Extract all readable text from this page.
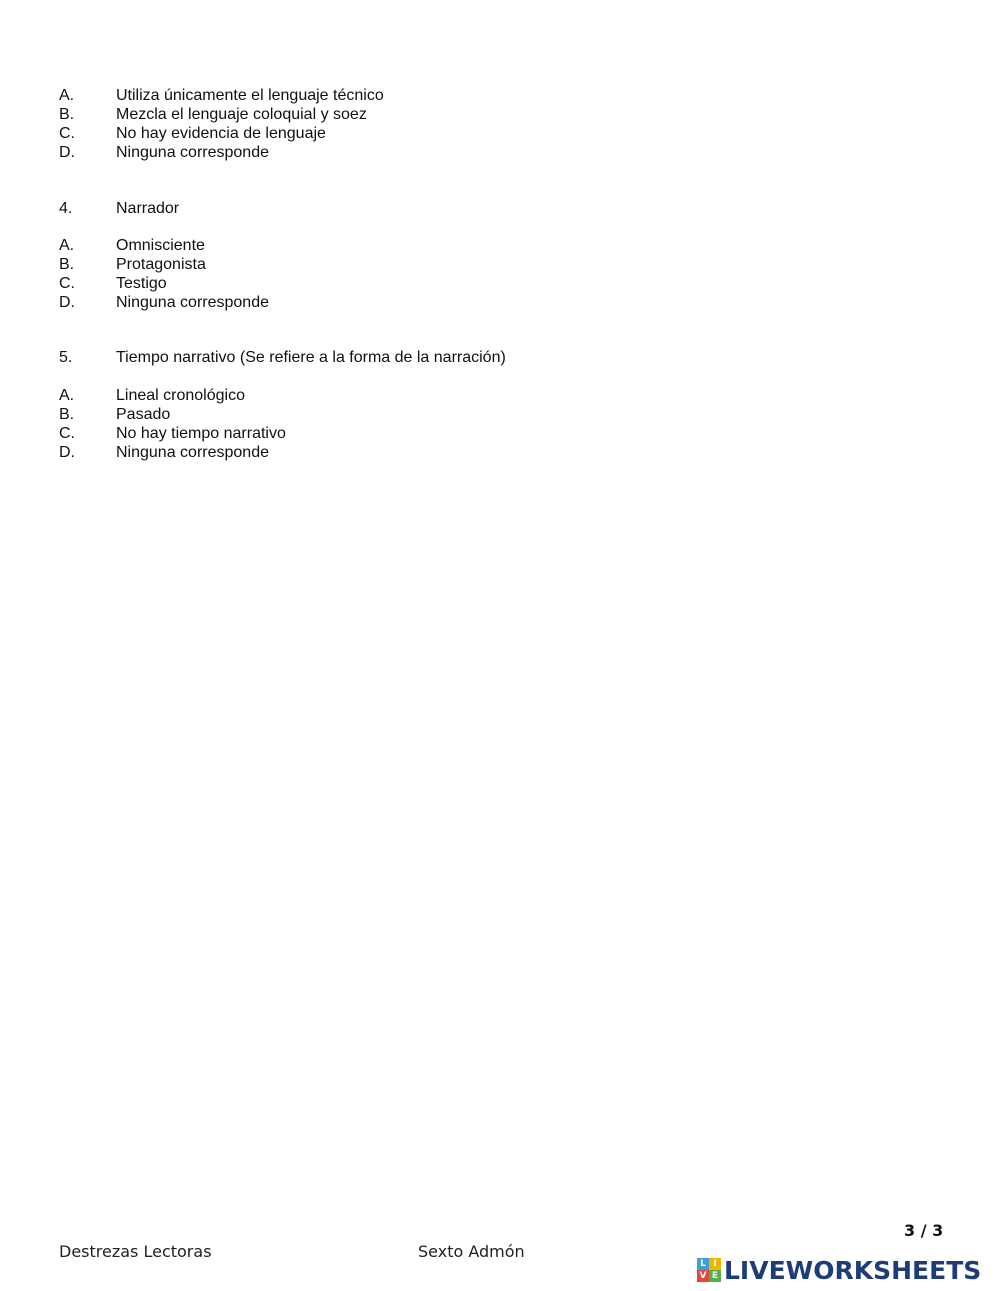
A.	Utiliza únicamente el lenguaje técnico
B.	Mezcla el lenguaje coloquial y soez
C.	No hay evidencia de lenguaje
D.	Ninguna corresponde
4.	Narrador
A.	Omnisciente
B.	Protagonista
C.	Testigo
D.	Ninguna corresponde
5.	Tiempo narrativo (Se refiere a la forma de la narración)
A.	Lineal cronológico
B.	Pasado
C.	No hay tiempo narrativo
D.	Ninguna corresponde
3 / 3
Destrezas Lectoras	Sexto Admón
L I
V E LIVEWORKSHEETS
